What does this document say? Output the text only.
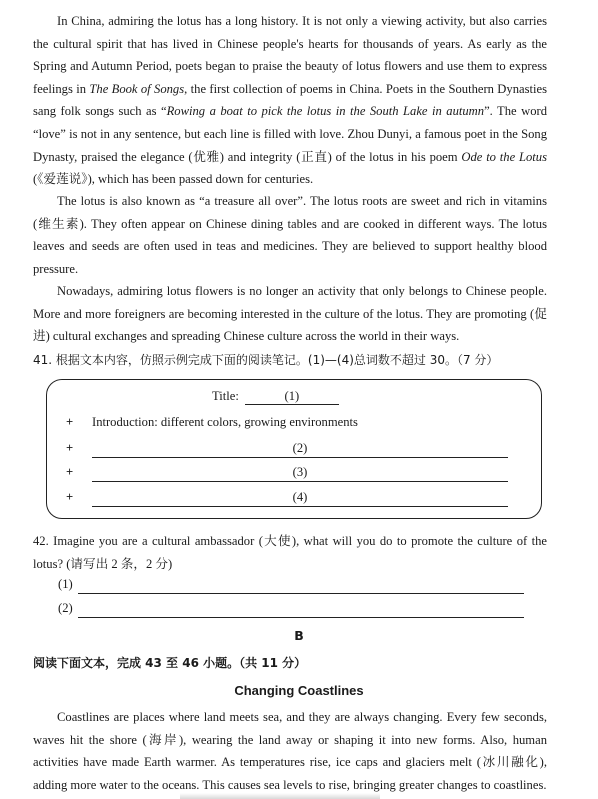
In China, admiring the lotus has a long history. It is not only a viewing activity, but also carries the cultural spirit that has lived in Chinese people's hearts for thousands of years. As early as the Spring and Autumn Period, poets began to praise the beauty of lotus flowers and use them to express feelings in The Book of Songs, the first collection of poems in China. Poets in the Southern Dynasties sang folk songs such as “Rowing a boat to pick the lotus in the South Lake in autumn”. The word “love” is not in any sentence, but each line is filled with love. Zhou Dunyi, a famous poet in the Song Dynasty, praised the elegance (优雅) and integrity (正直) of the lotus in his poem Ode to the Lotus (《爱莲说》), which has been passed down for centuries.

The lotus is also known as “a treasure all over”. The lotus roots are sweet and rich in vitamins (维生素). They often appear on Chinese dining tables and are cooked in different ways. The lotus leaves and seeds are often used in teas and medicines. They are believed to support healthy blood pressure.

Nowadays, admiring lotus flowers is no longer an activity that only belongs to Chinese people. More and more foreigners are becoming interested in the culture of the lotus. They are promoting (促进) cultural exchanges and spreading Chinese culture across the world in their ways.

41. 根据文本内容，仿照示例完成下面的阅读笔记。(1)—(4)总词数不超过 30。（7 分）

Title:	(1)
+ Introduction: different colors, growing environments
+	(2)
+	(3)
+	(4)

42. Imagine you are a cultural ambassador (大使), what will you do to promote the culture of the lotus? (请写出 2 条，2 分)

(1)
(2)
B
阅读下面文本，完成 43 至 46 小题。（共 11 分）
Changing Coastlines

Coastlines are places where land meets sea, and they are always changing. Every few seconds, waves hit the shore (海岸), wearing the land away or shaping it into new forms. Also, human activities have made Earth warmer. As temperatures rise, ice caps and glaciers melt (冰川融化), adding more water to the oceans. This causes sea levels to rise, bringing greater changes to coastlines.
